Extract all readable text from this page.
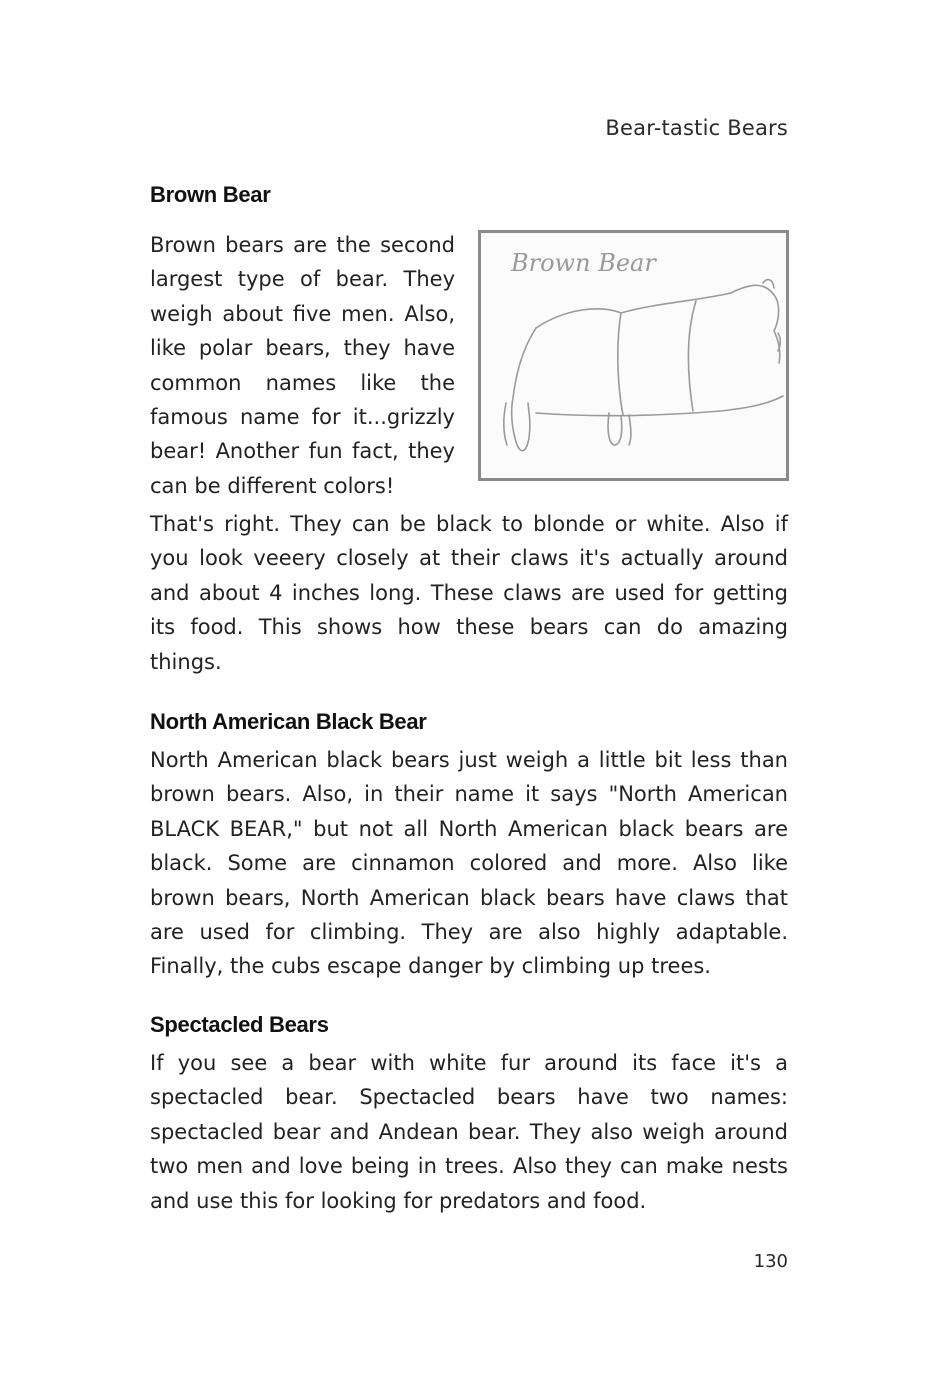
Bear-tastic Bears
Brown Bear

Brown bears are the second largest type of bear. They weigh about five men. Also, like polar bears, they have common names like the famous name for it...grizzly bear! Another fun fact, they can be different colors!

Brown Bear

That's right. They can be black to blonde or white. Also if you look veeery closely at their claws it's actually around and about 4 inches long. These claws are used for getting its food. This shows how these bears can do amazing things.

North American Black Bear

North American black bears just weigh a little bit less than brown bears. Also, in their name it says "North American BLACK BEAR," but not all North American black bears are black. Some are cinnamon colored and more. Also like brown bears, North American black bears have claws that are used for climbing. They are also highly adaptable. Finally, the cubs escape danger by climbing up trees.

Spectacled Bears

If you see a bear with white fur around its face it's a spectacled bear. Spectacled bears have two names: spectacled bear and Andean bear. They also weigh around two men and love being in trees. Also they can make nests and use this for looking for predators and food.

130
